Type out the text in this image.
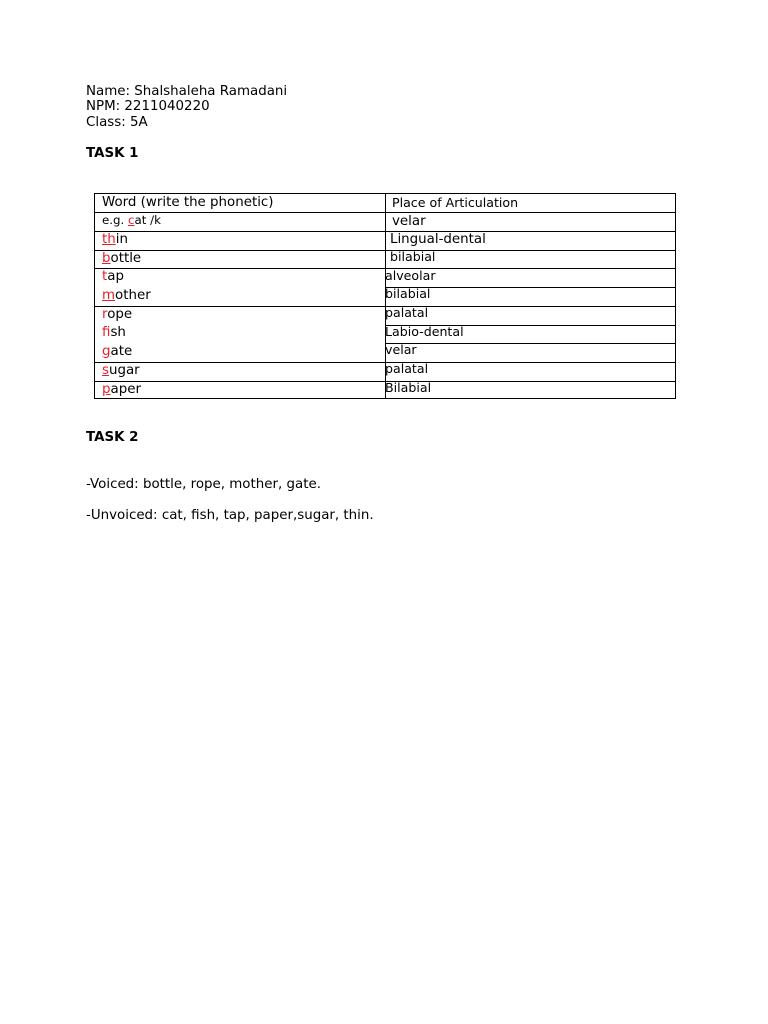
Name: Shalshaleha Ramadani

NPM: 2211040220

Class: 5A

TASK 1

Word (write the phonetic)	Place of Articulation
e.g. cat /k	velar
thin	Lingual-dental
bottle	bilabial
tap	alveolar
mother	bilabial
rope	palatal
fish	Labio-dental
gate	velar
sugar	palatal
paper	Bilabial

TASK 2

-Voiced: bottle, rope, mother, gate.

-Unvoiced: cat, fish, tap, paper,sugar, thin.
